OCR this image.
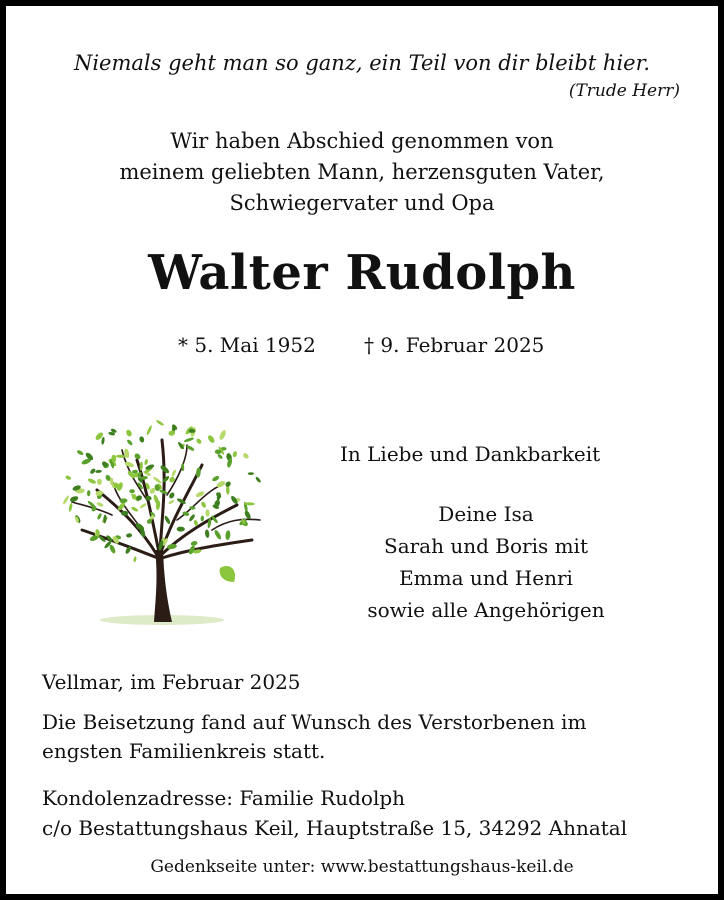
Niemals geht man so ganz, ein Teil von dir bleibt hier.

(Trude Herr)

Wir haben Abschied genommen von
meinem geliebten Mann, herzensguten Vater,
Schwiegervater und Opa
Walter Rudolph

* 5. Mai 1952 † 9. Februar 2025

In Liebe und Dankbarkeit

Deine Isa
Sarah und Boris mit
Emma und Henri
sowie alle Angehörigen

Vellmar, im Februar 2025

Die Beisetzung fand auf Wunsch des Verstorbenen im
engsten Familienkreis statt.
Kondolenzadresse: Familie Rudolph
c/o Bestattungshaus Keil, Hauptstraße 15, 34292 Ahnatal

Gedenkseite unter: www.bestattungshaus-keil.de
